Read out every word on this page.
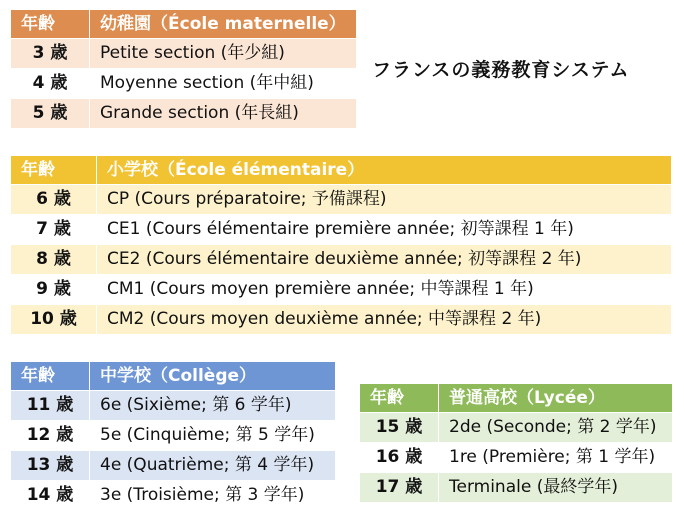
フランスの義務教育システム
年齢	幼稚園（École maternelle）
3 歳	Petite section (年少組)
4 歳	Moyenne section (年中組)
5 歳	Grande section (年長組)
年齢	小学校（École élémentaire）
6 歳	CP (Cours préparatoire; 予備課程)
7 歳	CE1 (Cours élémentaire première année; 初等課程 1 年)
8 歳	CE2 (Cours élémentaire deuxième année; 初等課程 2 年)
9 歳	CM1 (Cours moyen première année; 中等課程 1 年)
10 歳	CM2 (Cours moyen deuxième année; 中等課程 2 年)
年齢	中学校（Collège）
11 歳	6e (Sixième; 第 6 学年)
12 歳	5e (Cinquième; 第 5 学年)
13 歳	4e (Quatrième; 第 4 学年)
14 歳	3e (Troisième; 第 3 学年)
年齢	普通高校（Lycée）
15 歳	2de (Seconde; 第 2 学年)
16 歳	1re (Première; 第 1 学年)
17 歳	Terminale (最終学年)
